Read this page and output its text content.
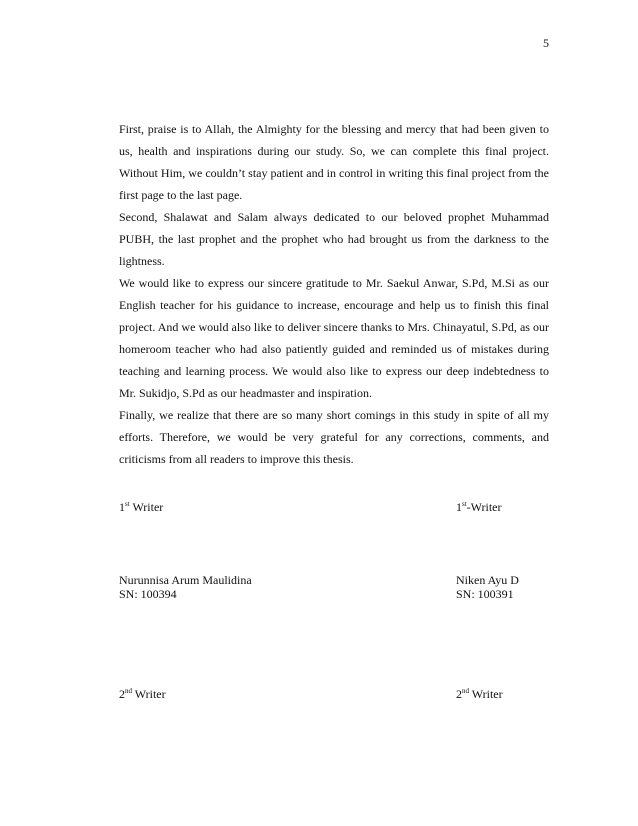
5

First, praise is to Allah, the Almighty for the blessing and mercy that had been given to us, health and inspirations during our study. So, we can complete this final project. Without Him, we couldn’t stay patient and in control in writing this final project from the first page to the last page.

Second, Shalawat and Salam always dedicated to our beloved prophet Muhammad PUBH, the last prophet and the prophet who had brought us from the darkness to the lightness.

We would like to express our sincere gratitude to Mr. Saekul Anwar, S.Pd, M.Si as our English teacher for his guidance to increase, encourage and help us to finish this final project. And we would also like to deliver sincere thanks to Mrs. Chinayatul, S.Pd, as our homeroom teacher who had also patiently guided and reminded us of mistakes during teaching and learning process. We would also like to express our deep indebtedness to Mr. Sukidjo, S.Pd as our headmaster and inspiration.

Finally, we realize that there are so many short comings in this study in spite of all my efforts. Therefore, we would be very grateful for any corrections, comments, and criticisms from all readers to improve this thesis.

1st Writer	1st-Writer
Nurunnisa Arum Maulidina
SN: 100394
Niken Ayu D
SN: 100391
2nd Writer	2nd Writer
